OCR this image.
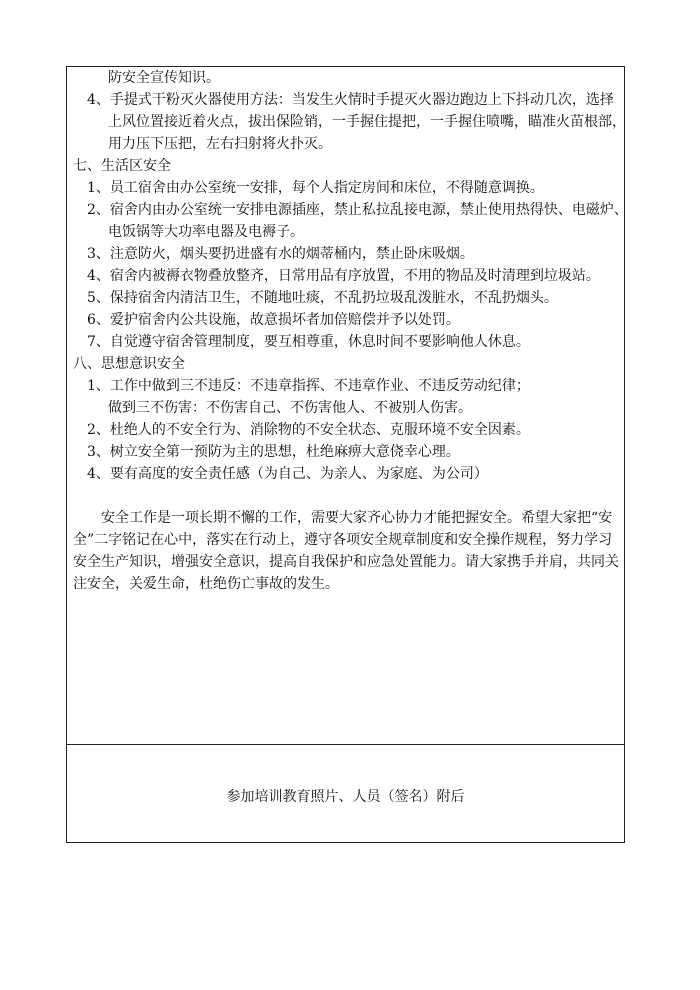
防安全宣传知识。
4、手提式干粉灭火器使用方法：当发生火情时手提灭火器边跑边上下抖动几次，选择
上风位置接近着火点，拔出保险销，一手握住提把，一手握住喷嘴，瞄准火苗根部，
用力压下压把，左右扫射将火扑灭。
七、生活区安全
1、员工宿舍由办公室统一安排，每个人指定房间和床位，不得随意调换。
2、宿舍内由办公室统一安排电源插座，禁止私拉乱接电源，禁止使用热得快、电磁炉、
电饭锅等大功率电器及电褥子。
3、注意防火，烟头要扔进盛有水的烟蒂桶内，禁止卧床吸烟。
4、宿舍内被褥衣物叠放整齐，日常用品有序放置，不用的物品及时清理到垃圾站。
5、保持宿舍内清洁卫生，不随地吐痰，不乱扔垃圾乱泼脏水，不乱扔烟头。
6、爱护宿舍内公共设施，故意损坏者加倍赔偿并予以处罚。
7、自觉遵守宿舍管理制度，要互相尊重，休息时间不要影响他人休息。
八、思想意识安全
1、工作中做到三不违反：不违章指挥、不违章作业、不违反劳动纪律；
做到三不伤害：不伤害自己、不伤害他人、不被别人伤害。
2、杜绝人的不安全行为、消除物的不安全状态、克服环境不安全因素。
3、树立安全第一预防为主的思想，杜绝麻痹大意侥幸心理。
4、要有高度的安全责任感（为自己、为亲人、为家庭、为公司）
安全工作是一项长期不懈的工作，需要大家齐心协力才能把握安全。希望大家把“安
全”二字铭记在心中，落实在行动上，遵守各项安全规章制度和安全操作规程，努力学习
安全生产知识，增强安全意识，提高自我保护和应急处置能力。请大家携手并肩，共同关
注安全，关爱生命，杜绝伤亡事故的发生。
参加培训教育照片、人员（签名）附后
